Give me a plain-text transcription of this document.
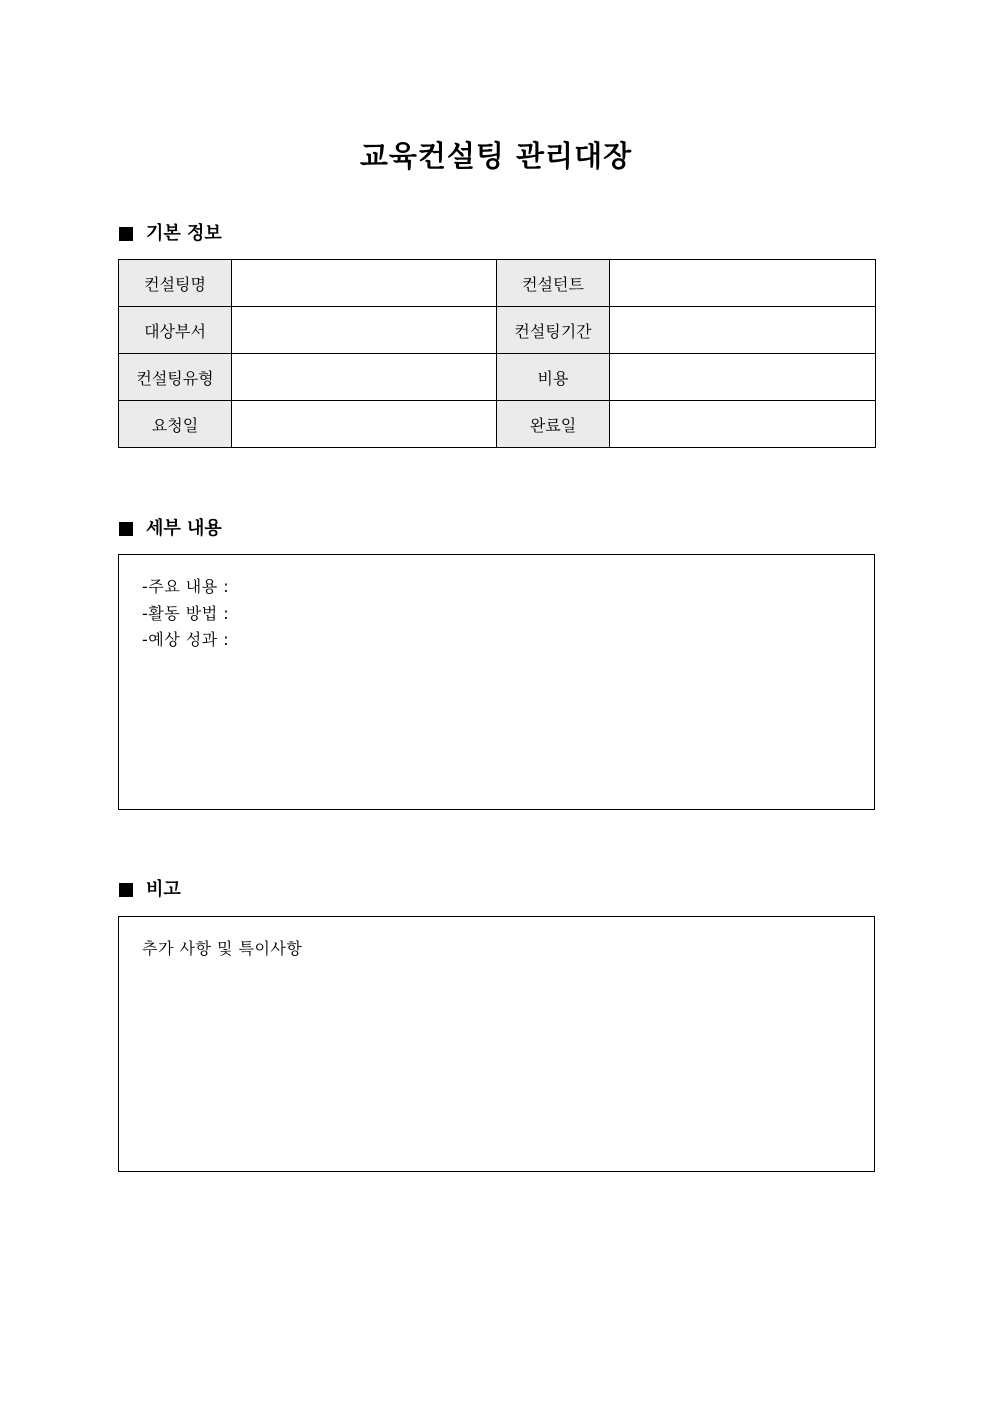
교육컨설팅 관리대장
기본 정보
컨설팅명		컨설턴트	
대상부서		컨설팅기간	
컨설팅유형		비용	
요청일		완료일	
세부 내용
-주요 내용 :
-활동 방법 :
-예상 성과 :
비고
추가 사항 및 특이사항
